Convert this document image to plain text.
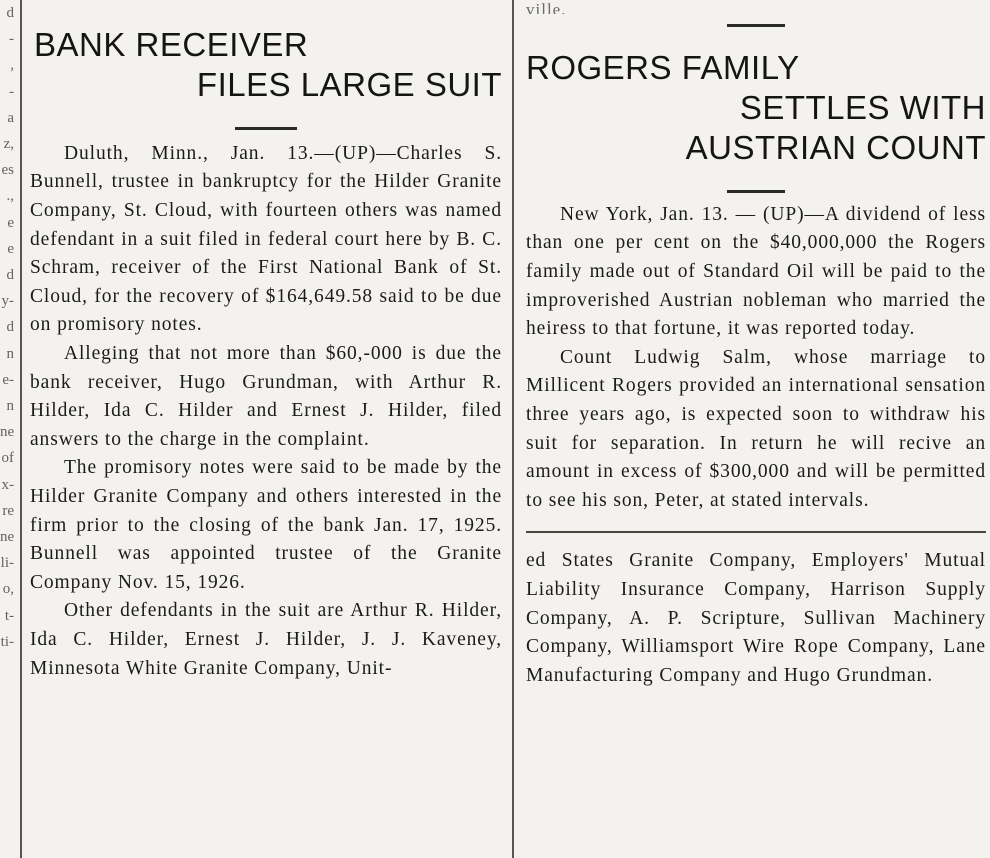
d
-
,
-
a
z,
es
.,
e
e
d
y-
d
n
e-
n
ne
of
x-
re
ne
li-
o,
t-
ti-
BANK RECEIVER
FILES LARGE SUIT

Duluth, Minn., Jan. 13.—(UP)—Charles S. Bunnell, trustee in bankruptcy for the Hilder Granite Company, St. Cloud, with fourteen others was named defendant in a suit filed in federal court here by B. C. Schram, receiver of the First National Bank of St. Cloud, for the recovery of $164,649.58 said to be due on promisory notes.

Alleging that not more than $60,-000 is due the bank receiver, Hugo Grundman, with Arthur R. Hilder, Ida C. Hilder and Ernest J. Hilder, filed answers to the charge in the complaint.

The promisory notes were said to be made by the Hilder Granite Company and others interested in the firm prior to the closing of the bank Jan. 17, 1925. Bunnell was appointed trustee of the Granite Company Nov. 15, 1926.

Other defendants in the suit are Arthur R. Hilder, Ida C. Hilder, Ernest J. Hilder, J. J. Kaveney, Minnesota White Granite Company, Unit-

ville.
ROGERS FAMILY
SETTLES WITH
AUSTRIAN COUNT

New York, Jan. 13. — (UP)—A dividend of less than one per cent on the $40,000,000 the Rogers family made out of Standard Oil will be paid to the improverished Austrian nobleman who married the heiress to that fortune, it was reported today.

Count Ludwig Salm, whose marriage to Millicent Rogers provided an international sensation three years ago, is expected soon to withdraw his suit for separation. In return he will recive an amount in excess of $300,000 and will be permitted to see his son, Peter, at stated intervals.

ed States Granite Company, Employers' Mutual Liability Insurance Company, Harrison Supply Company, A. P. Scripture, Sullivan Machinery Company, Williamsport Wire Rope Company, Lane Manufacturing Company and Hugo Grundman.
